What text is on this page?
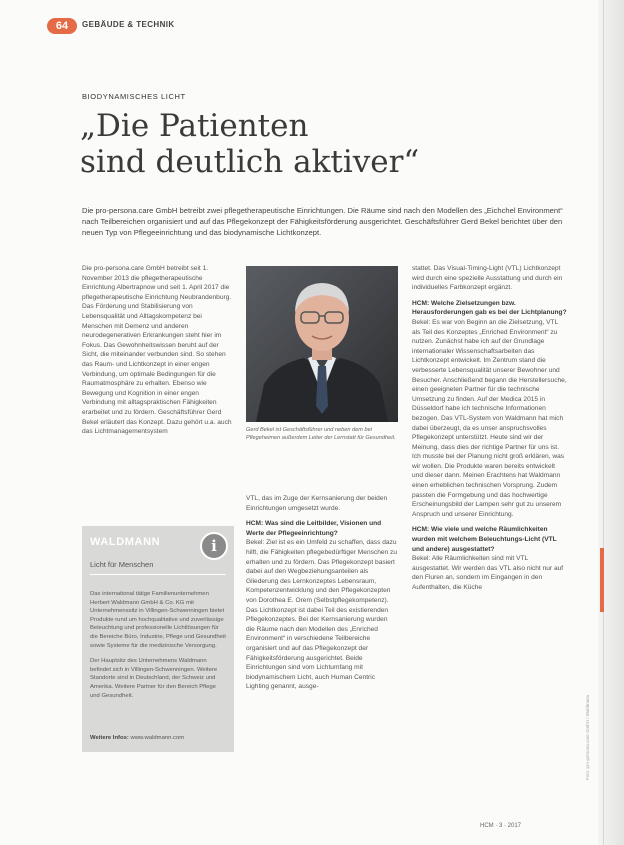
64	GEBÄUDE & TECHNIK
BIODYNAMISCHES LICHT
„Die Patienten
sind deutlich aktiver“

Die pro-persona.care GmbH betreibt zwei pflegetherapeutische Einrichtungen. Die Räume sind nach den Modellen des „Eichchel Environment“ nach Teilbereichen organisiert und auf das Pflegekonzept der Fähigkeitsförderung ausgerichtet. Geschäftsführer Gerd Bekel berichtet über den neuen Typ von Pflegeeinrichtung und das biodynamische Lichtkonzept.

Die pro-persona.care GmbH betreibt seit 1. November 2013 die pflegetherapeutische Einrichtung Albertrapnow und seit 1. April 2017 die pflegetherapeutische Einrichtung Neubrandenburg. Das Förderung und Stabilisierung von Lebensqualität und Alltagskompetenz bei Menschen mit Demenz und anderen neurodegenerativen Erkrankungen steht hier im Fokus. Das Gewohnheitswissen beruht auf der Sicht, die miteinander verbunden sind. So stehen das Raum- und Lichtkonzept in einer engen Verbindung, um optimale Bedingungen für die Raumatmosphäre zu erhalten. Ebenso wie Bewegung und Kognition in einer engen Verbindung mit alltagspraktischen Fähigkeiten erarbeitet und zu fördern. Geschäftsführer Gerd Bekel erläutert das Konzept. Dazu gehört u.a. auch das Lichtmanagementsystem	Gerd Bekel ist Geschäftsführer und neben dem bei Pflegeheimen außerdem Leiter der Lernstatt für Gesundheit.

VTL, das im Zuge der Kernsanierung der beiden Einrichtungen umgesetzt wurde.
HCM: Was sind die Leitbilder, Visionen und Werte der Pflegeeinrichtung?
Bekel: Ziel ist es ein Umfeld zu schaffen, dass dazu hilft, die Fähigkeiten pflegebedürftiger Menschen zu erhalten und zu fördern. Das Pflegekonzept basiert dabei auf den Wegbeziehungsanteilen als Gliederung des Lernkonzeptes Lebensraum, Kompetenzentwicklung und den Pflegekonzepten von Dorothea E. Orem (Selbstpflegekompetenz). Das Lichtkonzept ist dabei Teil des existierenden Pflegekonzeptes. Bei der Kernsanierung wurden die Räume nach den Modellen des „Enriched Environment“ in verschiedene Teilbereiche organisiert und auf das Pflegekonzept der Fähigkeitsförderung ausgerichtet. Beide Einrichtungen sind vom Lichtumfang mit biodynamischem Licht, auch Human Centric Lighting genannt, ausge-

stattet. Das Visual-Timing-Light (VTL) Lichtkonzept wird durch eine spezielle Ausstattung und durch ein individuelles Farbkonzept ergänzt.
HCM: Welche Zielsetzungen bzw. Herausforderungen gab es bei der Lichtplanung?
Bekel: Es war von Beginn an die Zielsetzung, VTL als Teil des Konzeptes „Enriched Environment“ zu nutzen. Zunächst habe ich auf der Grundlage internationaler Wissenschaftsarbeiten das Lichtkonzept entwickelt. Im Zentrum stand die verbesserte Lebensqualität unserer Bewohner und Besucher. Anschließend begann die Herstellersuche, einen geeigneten Partner für die technische Umsetzung zu finden. Auf der Medica 2015 in Düsseldorf habe ich technische Informationen bezogen. Das VTL-System von Waldmann hat mich dabei überzeugt, da es unser anspruchsvolles Pflegekonzept unterstützt. Heute sind wir der Meinung, dass dies der richtige Partner für uns ist. Ich musste bei der Planung nicht groß erklären, was wir wollen. Die Produkte waren bereits entwickelt und dieser dann. Meinen Erachtens hat Waldmann einen erheblichen technischen Vorsprung. Zudem passten die Formgebung und das hochwertige Erscheinungsbild der Lampen sehr gut zu unserem Anspruch und unserer Einrichtung.
HCM: Wie viele und welche Räumlichkeiten wurden mit welchem Beleuchtungs-Licht (VTL und andere) ausgestattet?
Bekel: Alle Räumlichkeiten sind mit VTL ausgestattet. Wir werden das VTL also nicht nur auf den Fluren an, sondern im Eingangen in den Aufenthalten, die Küche

WALDMANN	i
Licht für Menschen

Das international tätige Familienunternehmen Herbert Waldmann GmbH & Co. KG mit Unternehmenssitz in Villingen-Schwenningen bietet Produkte rund um hochqualitative und zuverlässige Beleuchtung und professionelle Lichtlösungen für die Bereiche Büro, Industrie, Pflege und Gesundheit sowie Systeme für die medizinische Versorgung.

Der Hauptsitz des Unternehmens Waldmann befindet sich in Villingen-Schwenningen. Weitere Standorte sind in Deutschland, der Schweiz und Amerika. Weitere Partner für den Bereich Pflege und Gesundheit.

Weitere Infos: www.waldmann.com	Foto: pro-persona.care GmbH / Waldmann
HCM · 3 · 2017
